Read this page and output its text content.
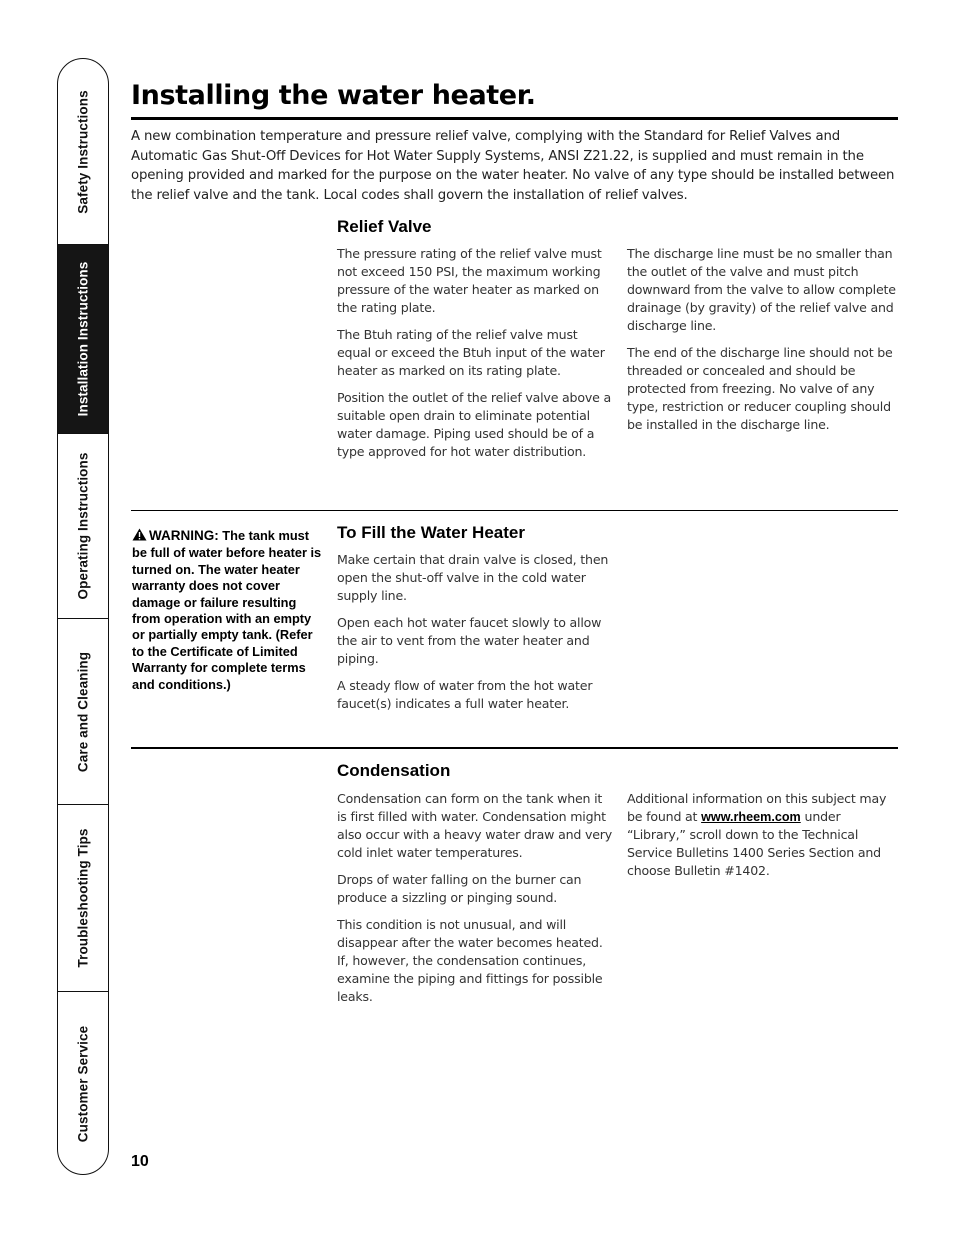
Safety Instructions
Installation Instructions
Operating Instructions
Care and Cleaning
Troubleshooting Tips
Customer Service
Installing the water heater.

A new combination temperature and pressure relief valve, complying with the Standard for Relief Valves and Automatic Gas Shut-Off Devices for Hot Water Supply Systems, ANSI Z21.22, is supplied and must remain in the opening provided and marked for the purpose on the water heater. No valve of any type should be installed between the relief valve and the tank. Local codes shall govern the installation of relief valves.

Relief Valve

The pressure rating of the relief valve must not exceed 150 PSI, the maximum working pressure of the water heater as marked on the rating plate.

The Btuh rating of the relief valve must equal or exceed the Btuh input of the water heater as marked on its rating plate.

Position the outlet of the relief valve above a suitable open drain to eliminate potential water damage. Piping used should be of a type approved for hot water distribution.

The discharge line must be no smaller than the outlet of the valve and must pitch downward from the valve to allow complete drainage (by gravity) of the relief valve and discharge line.

The end of the discharge line should not be threaded or concealed and should be protected from freezing. No valve of any type, restriction or reducer coupling should be installed in the discharge line.

WARNING: The tank must be full of water before heater is turned on. The water heater warranty does not cover damage or failure resulting from operation with an empty or partially empty tank. (Refer to the Certificate of Limited Warranty for complete terms and conditions.)

To Fill the Water Heater

Make certain that drain valve is closed, then open the shut-off valve in the cold water supply line.

Open each hot water faucet slowly to allow the air to vent from the water heater and piping.

A steady flow of water from the hot water faucet(s) indicates a full water heater.

Condensation

Condensation can form on the tank when it is first filled with water. Condensation might also occur with a heavy water draw and very cold inlet water temperatures.

Drops of water falling on the burner can produce a sizzling or pinging sound.

This condition is not unusual, and will disappear after the water becomes heated. If, however, the condensation continues, examine the piping and fittings for possible leaks.

Additional information on this subject may be found at www.rheem.com under “Library,” scroll down to the Technical Service Bulletins 1400 Series Section and choose Bulletin #1402.

10
